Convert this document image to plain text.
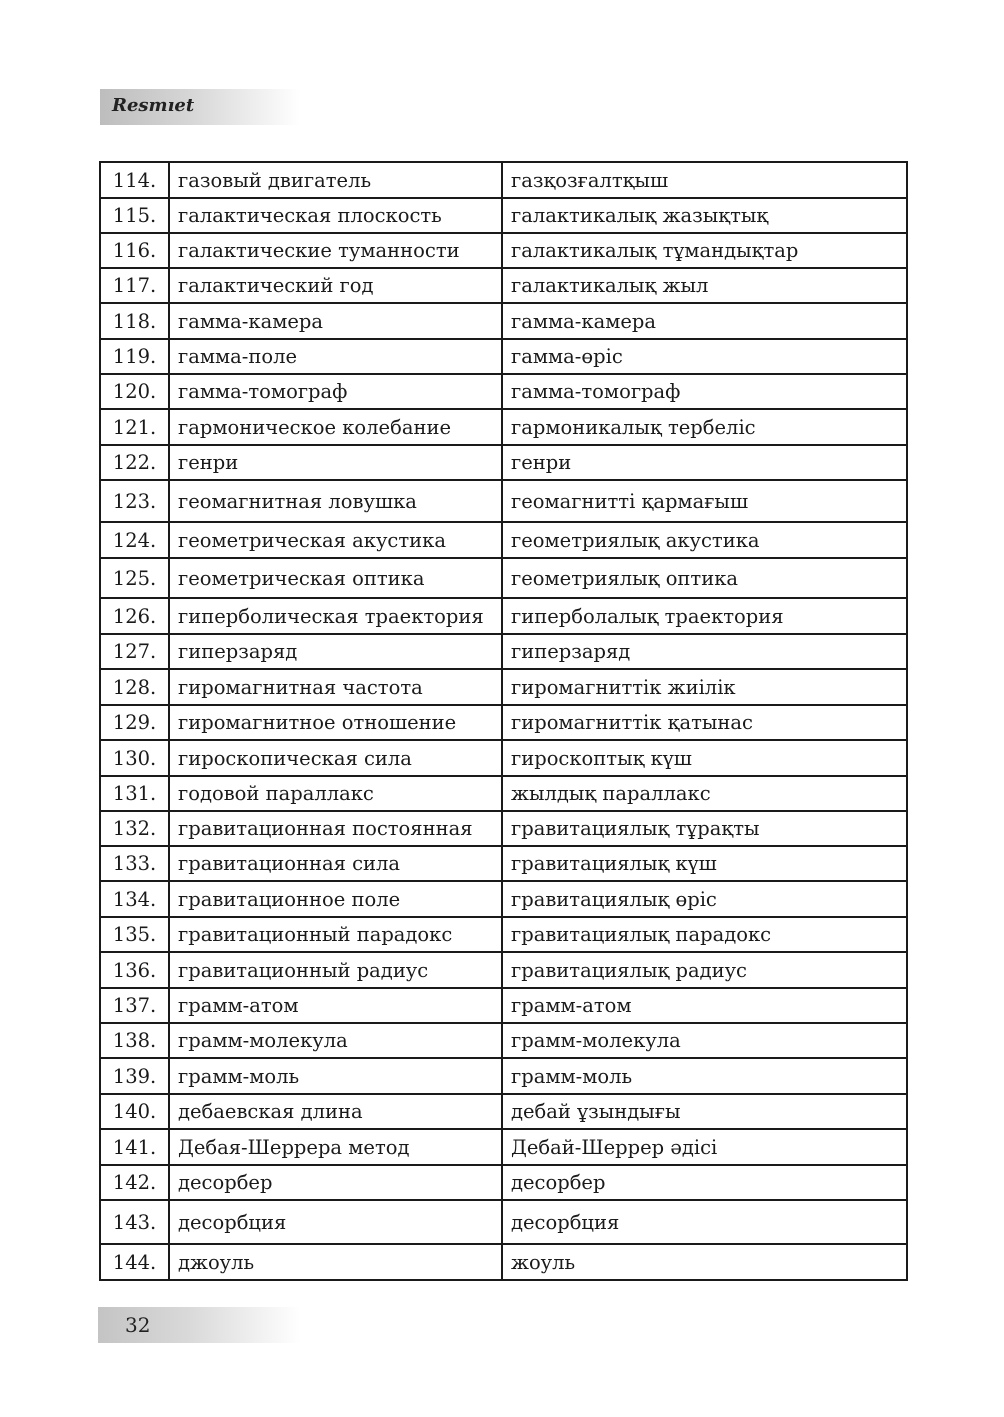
Resmıet
114.	газовый двигатель	газқозғалтқыш
115.	галактическая плоскость	галактикалық жазықтық
116.	галактические туманности	галактикалық тұмандықтар
117.	галактический год	галактикалық жыл
118.	гамма-камера	гамма-камера
119.	гамма-поле	гамма-өріс
120.	гамма-томограф	гамма-томограф
121.	гармоническое колебание	гармоникалық тербеліс
122.	генри	генри
123.	геомагнитная ловушка	геомагнитті қармағыш
124.	геометрическая акустика	геометриялық акустика
125.	геометрическая оптика	геометриялық оптика
126.	гиперболическая траектория	гиперболалық траектория
127.	гиперзаряд	гиперзаряд
128.	гиромагнитная частота	гиромагниттік жиілік
129.	гиромагнитное отношение	гиромагниттік қатынас
130.	гироскопическая сила	гироскоптық күш
131.	годовой параллакс	жылдық параллакс
132.	гравитационная постоянная	гравитациялық тұрақты
133.	гравитационная сила	гравитациялық күш
134.	гравитационное поле	гравитациялық өріс
135.	гравитационный парадокс	гравитациялық парадокс
136.	гравитационный радиус	гравитациялық радиус
137.	грамм-атом	грамм-атом
138.	грамм-молекула	грамм-молекула
139.	грамм-моль	грамм-моль
140.	дебаевская длина	дебай ұзындығы
141.	Дебая-Шеррера метод	Дебай-Шеррер әдісі
142.	десорбер	десорбер
143.	десорбция	десорбция
144.	джоуль	жоуль
32
